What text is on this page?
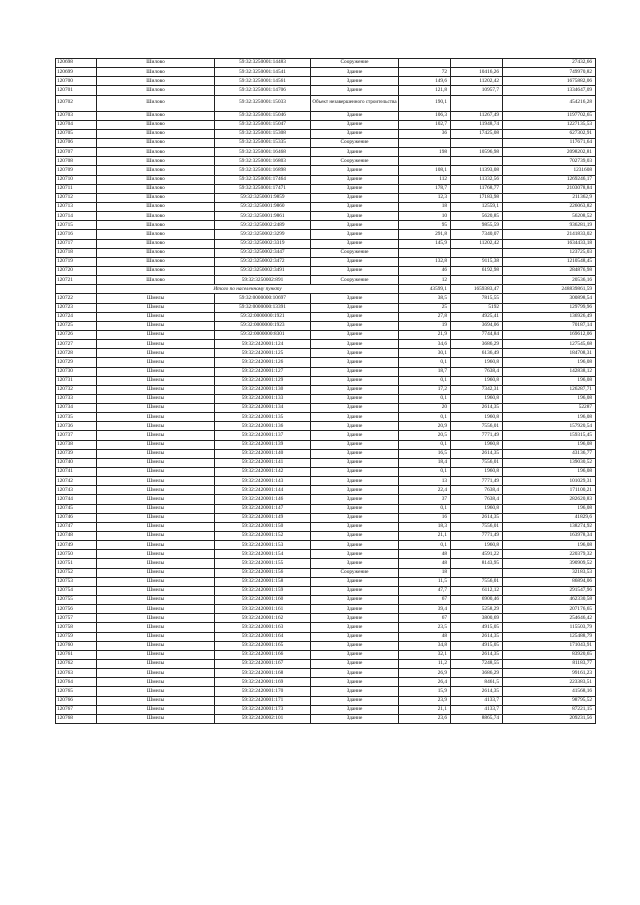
120698	Шилово	59:32:3250001:14483	Сооружение			27432,66
120699	Шилово	59:32:3250001:14541	Здание	72	10416,26	749970,82
120700	Шилово	59:32:3250001:14561	Здание	149,6	11202,42	1675882,06
120701	Шилово	59:32:3250001:14706	Здание	121,8	10957,7	1334647,09
120702	Шилово	59:32:3250001:15033	Объект незавершенного строительства	190,1		454216,28
120703	Шилово	59:32:3250001:15046	Здание	106,3	11267,49	1197702,65
120704	Шилово	59:32:3250001:15047	Здание	102,7	11948,74	1227135,53
120705	Шилово	59:32:3250001:15308	Здание	36	17425,08	627302,91
120706	Шилово	59:32:3250001:15335	Сооружение			117671,64
120707	Шилово	59:32:3250001:16468	Здание	198	10596,98	2098202,81
120708	Шилово	59:32:3250001:16803	Сооружение			702739,03
120709	Шилово	59:32:3250001:16898	Здание	108,1	11393,08	1231608
120710	Шилово	59:32:3250001:17464	Здание	112	11332,56	1269246,17
120711	Шилово	59:32:3250001:17471	Здание	178,7	11768,77	2103078,84
120712	Шилово	59:32:3250001:9859	Здание	12,3	17183,98	211362,9
120713	Шилово	59:32:3250001:9860	Здание	18	12559,1	226063,82
120714	Шилово	59:32:3250001:9861	Здание	10	5620,85	56208,52
120715	Шилово	59:32:3250002:2489	Здание	95	9855,59	936281,19
120716	Шилово	59:32:3250002:3299	Здание	291,8	7340,07	2141833,02
120717	Шилово	59:32:3250002:3319	Здание	145,9	11202,42	1634433,18
120718	Шилово	59:32:3250002:3447	Сооружение			123725,03
120719	Шилово	59:32:3250002:3472	Здание	132,8	9115,38	1210548,45
120720	Шилово	59:32:3250002:3491	Здание	46	6192,98	284876,98
120721	Шилово	59:32:3250002:891	Сооружение	12		20536,16
	Итого по населенному пункту			43599,1	1659383,47	248839861,59
120722	Шмелы	59:32:0000000:10697	Здание	38,5	7815,55	300898,54
120723	Шмелы	59:32:0000000:13391	Здание	25	5192	129799,96
120724	Шмелы	59:32:0000000:1921	Здание	27,8	4925,41	136926,49
120725	Шмелы	59:32:0000000:1923	Здание	19	3694,06	70187,14
120726	Шмелы	59:32:0000000:8301	Здание	21,9	7744,84	169612,06
120727	Шмелы	59:32:2420001:124	Здание	34,6	3686,29	127545,68
120728	Шмелы	59:32:2420001:125	Здание	30,1	6136,49	184708,31
120729	Шмелы	59:32:2420001:126	Здание	0,1	1960,8	196,08
120730	Шмелы	59:32:2420001:127	Здание	18,7	7638,4	142838,12
120731	Шмелы	59:32:2420001:129	Здание	0,1	1960,8	196,08
120732	Шмелы	59:32:2420001:130	Здание	17,2	7342,31	126287,71
120733	Шмелы	59:32:2420001:133	Здание	0,1	1960,8	196,08
120734	Шмелы	59:32:2420001:134	Здание	20	2614,35	52287
120735	Шмелы	59:32:2420001:135	Здание	0,1	1960,8	196,08
120736	Шмелы	59:32:2420001:136	Здание	20,9	7556,01	157920,54
120737	Шмелы	59:32:2420001:137	Здание	20,5	7771,49	159315,45
120738	Шмелы	59:32:2420001:139	Здание	0,1	1960,8	196,08
120739	Шмелы	59:32:2420001:140	Здание	16,5	2614,35	43136,77
120740	Шмелы	59:32:2420001:141	Здание	18,4	7556,01	139030,52
120741	Шмелы	59:32:2420001:142	Здание	0,1	1960,8	196,08
120742	Шмелы	59:32:2420001:143	Здание	13	7771,49	101029,31
120743	Шмелы	59:32:2420001:144	Здание	22,4	7638,4	171100,21
120744	Шмелы	59:32:2420001:146	Здание	37	7638,4	282620,83
120745	Шмелы	59:32:2420001:147	Здание	0,1	1960,8	196,08
120746	Шмелы	59:32:2420001:149	Здание	16	2614,35	41829,6
120747	Шмелы	59:32:2420001:150	Здание	18,3	7556,01	138274,92
120748	Шмелы	59:32:2420001:152	Здание	21,1	7771,49	163978,34
120749	Шмелы	59:32:2420001:153	Здание	0,1	1960,8	196,08
120750	Шмелы	59:32:2420001:154	Здание	48	4591,22	220379,32
120751	Шмелы	59:32:2420001:155	Здание	48	8143,95	390909,52
120752	Шмелы	59:32:2420001:156	Сооружение	18		32183,53
120753	Шмелы	59:32:2420001:158	Здание	11,5	7556,01	86894,06
120754	Шмелы	59:32:2420001:159	Здание	47,7	6112,12	291547,96
120755	Шмелы	59:32:2420001:160	Здание	67	6900,46	462330,58
120756	Шмелы	59:32:2420001:161	Здание	39,4	5258,29	207176,65
120757	Шмелы	59:32:2420001:162	Здание	67	3800,69	254646,42
120758	Шмелы	59:32:2420001:163	Здание	23,5	4915,05	115503,79
120759	Шмелы	59:32:2420001:164	Здание	48	2614,35	125488,79
120760	Шмелы	59:32:2420001:165	Здание	34,8	4915,05	171043,91
120761	Шмелы	59:32:2420001:166	Здание	32,1	2614,35	83920,65
120762	Шмелы	59:32:2420001:167	Здание	11,2	7248,55	81183,77
120763	Шмелы	59:32:2420001:168	Здание	26,9	3686,29	99161,23
120764	Шмелы	59:32:2420001:169	Здание	26,4	8461,5	223383,51
120765	Шмелы	59:32:2420001:170	Здание	15,9	2614,35	41568,16
120766	Шмелы	59:32:2420001:171	Здание	23,9	4133,7	98795,52
120767	Шмелы	59:32:2420001:173	Здание	21,1	4133,7	87221,15
120768	Шмелы	59:32:2420002:101	Здание	23,6	8865,74	209231,56
